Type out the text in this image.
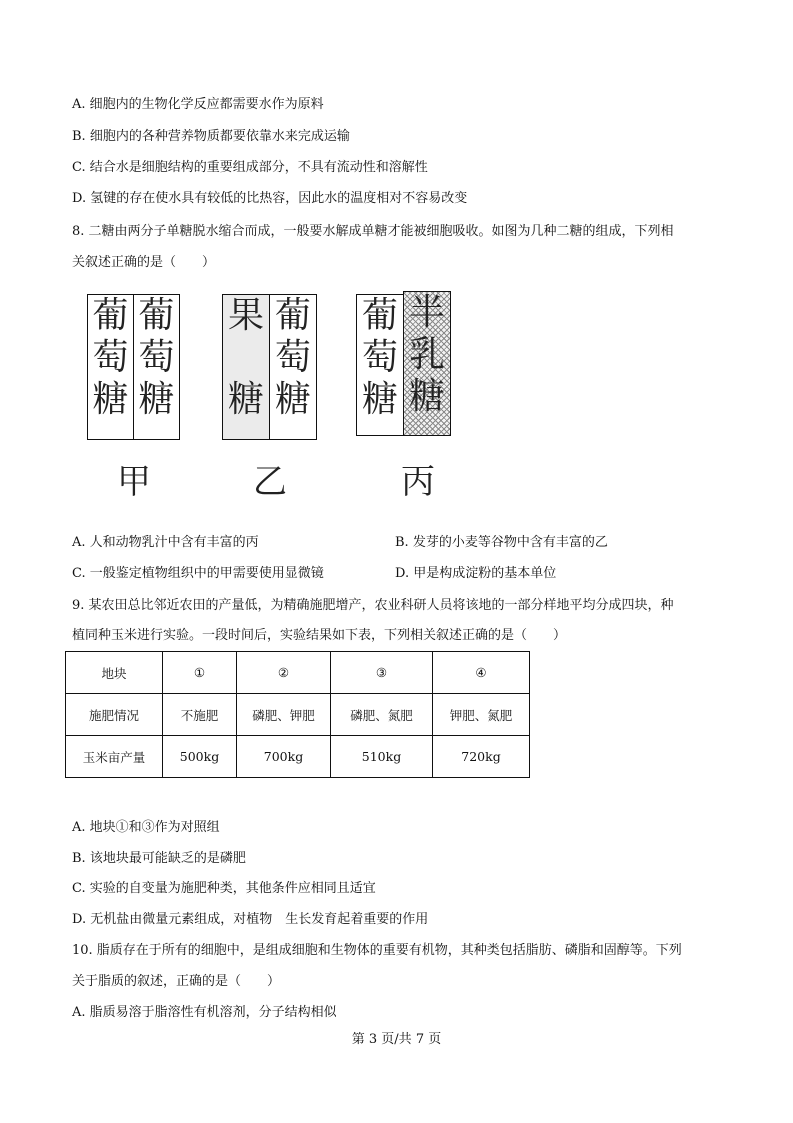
A. 细胞内的生物化学反应都需要水作为原料
B. 细胞内的各种营养物质都要依靠水来完成运输
C. 结合水是细胞结构的重要组成部分，不具有流动性和溶解性
D. 氢键的存在使水具有较低的比热容，因此水的温度相对不容易改变
8. 二糖由两分子单糖脱水缩合而成，一般要水解成单糖才能被细胞吸收。如图为几种二糖的组成，下列相
关叙述正确的是（　　）
葡
萄
糖
葡
萄
糖
甲
果

糖
葡
萄
糖
乙
葡
萄
糖
半
乳
糖
丙
A. 人和动物乳汁中含有丰富的丙	B. 发芽的小麦等谷物中含有丰富的乙
C. 一般鉴定植物组织中的甲需要使用显微镜	D. 甲是构成淀粉的基本单位
9. 某农田总比邻近农田的产量低，为精确施肥增产，农业科研人员将该地的一部分样地平均分成四块，种
植同种玉米进行实验。一段时间后，实验结果如下表，下列相关叙述正确的是（　　）
地块	①	②	③	④
施肥情况	不施肥	磷肥、钾肥	磷肥、氮肥	钾肥、氮肥
玉米亩产量	500kg	700kg	510kg	720kg
A. 地块①和③作为对照组
B. 该地块最可能缺乏的是磷肥
C. 实验的自变量为施肥种类，其他条件应相同且适宜
D. 无机盐由微量元素组成，对植物　生长发育起着重要的作用
10. 脂质存在于所有的细胞中，是组成细胞和生物体的重要有机物，其种类包括脂肪、磷脂和固醇等。下列
关于脂质的叙述，正确的是（　　）
A. 脂质易溶于脂溶性有机溶剂，分子结构相似
第 3 页/共 7 页
